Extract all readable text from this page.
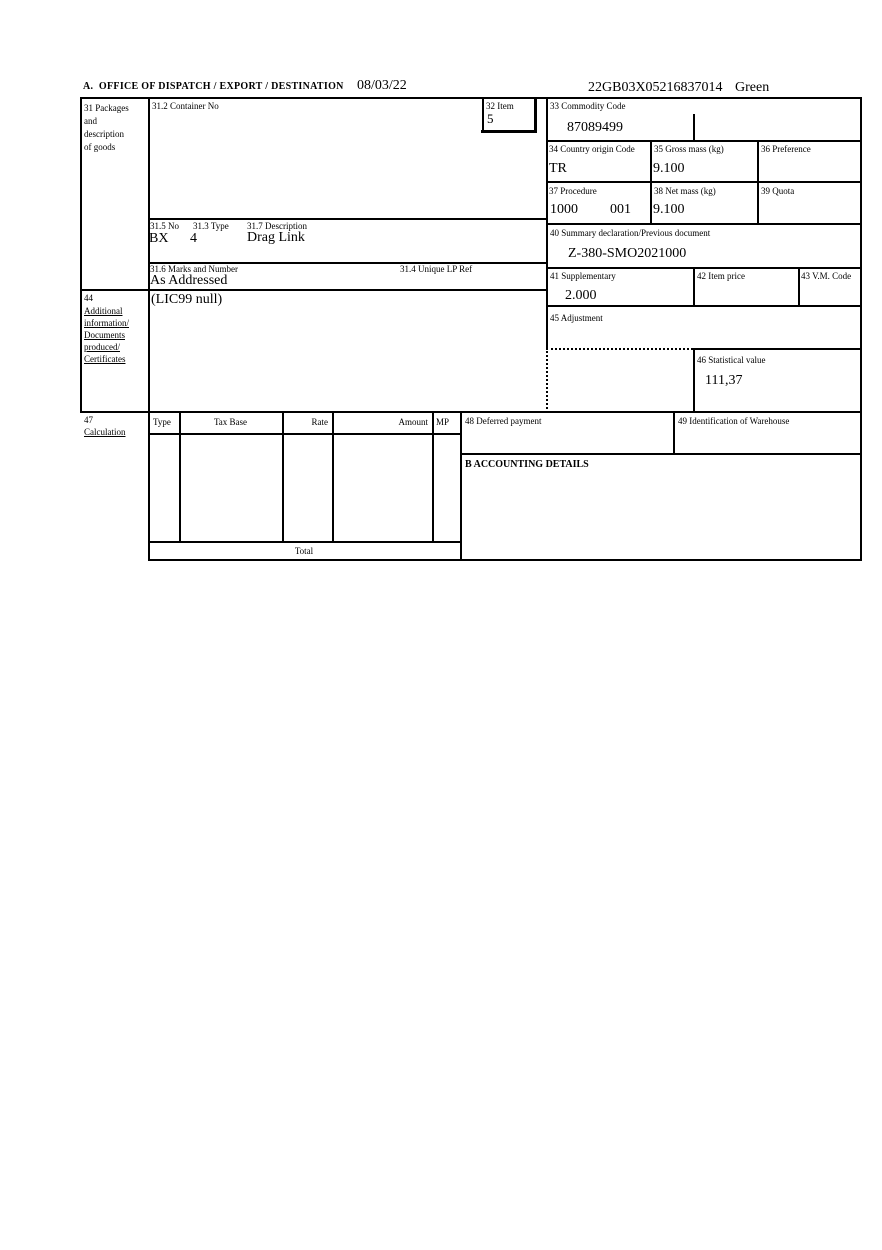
A.  OFFICE OF DISPATCH / EXPORT / DESTINATION 08/03/22	22GB03X05216837014 Green
31 Packages
and
description
of goods
31.2 Container No	32 Item
5
33 Commodity Code
87089499
34 Country origin Code
TR
35 Gross mass (kg)
9.100
36 Preference
37 Procedure
1000 001
38 Net mass (kg)
9.100
39 Quota
31.5 No 31.3 Type 31.7 Description
BX 4	Drag Link	40 Summary declaration/Previous document
Z-380-SMO2021000
31.6 Marks and Number	31.4 Unique LP Ref
As Addressed	41 Supplementary
2.000
42 Item price	43 V.M. Code
44
Additional
information/
Documents
produced/
Certificates
(LIC99 null)
45 Adjustment
46 Statistical value
111,37
47
Calculation
Type	Tax Base	Rate	Amount MP
Total
48 Deferred payment	49 Identification of Warehouse
B ACCOUNTING DETAILS
